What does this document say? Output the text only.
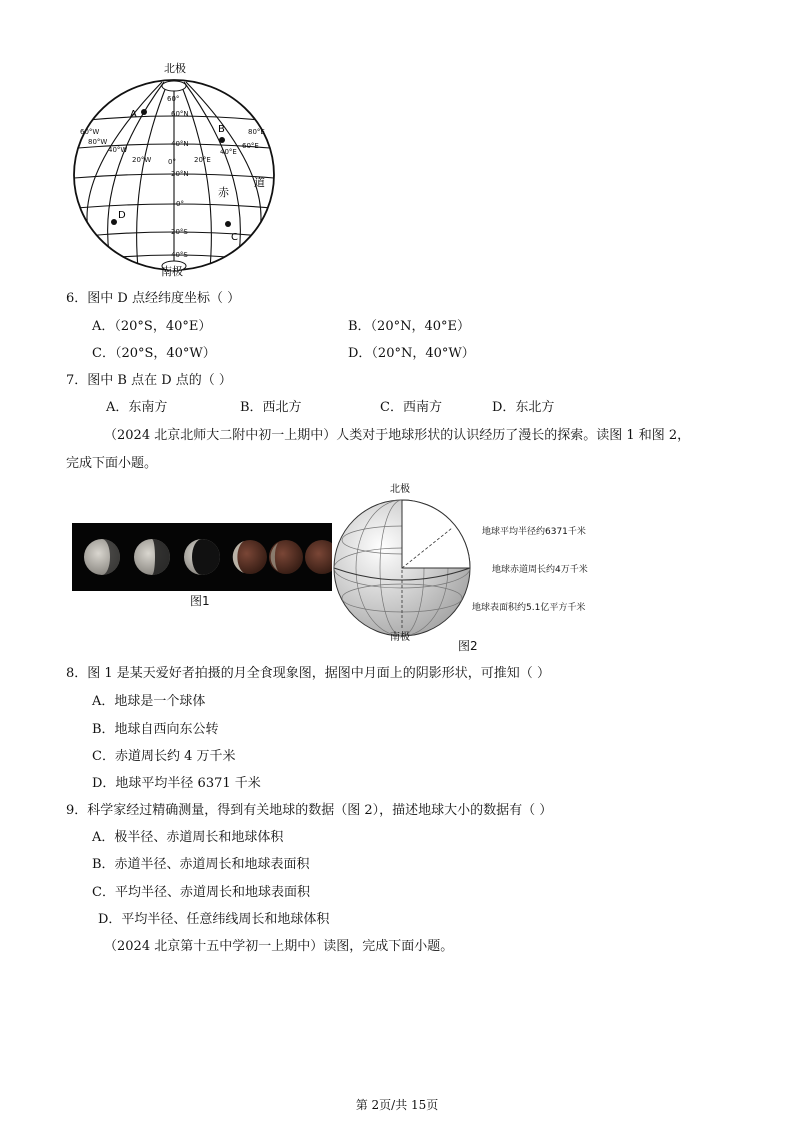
北极
南极
60°
60°N
40°N
20°N
0°
20°S
40°S
60°W
80°W
40°W
20°W 0°	20°E
40°E
60°E
80°E
赤
道
A
B
C
D
6．图中 D 点经纬度坐标（ ）
A．（20°S，40°E）	B．（20°N，40°E）
C．（20°S，40°W）	D．（20°N，40°W）
7．图中 B 点在 D 点的（ ）
A．东南方	B．西北方	C．西南方	D．东北方
（2024 北京北师大二附中初一上期中）人类对于地球形状的认识经历了漫长的探索。读图 1 和图 2，
完成下面小题。
图1
北极
南极
地球平均半径约6371千米
地球赤道周长约4万千米
地球表面积约5.1亿平方千米
图2
8．图 1 是某天爱好者拍摄的月全食现象图，据图中月面上的阴影形状，可推知（ ）
A．地球是一个球体
B．地球自西向东公转
C．赤道周长约 4 万千米
D．地球平均半径 6371 千米
9．科学家经过精确测量，得到有关地球的数据（图 2），描述地球大小的数据有（ ）
A．极半径、赤道周长和地球体积
B．赤道半径、赤道周长和地球表面积
C．平均半径、赤道周长和地球表面积
D．平均半径、任意纬线周长和地球体积
（2024 北京第十五中学初一上期中）读图，完成下面小题。
第 2页/共 15页
